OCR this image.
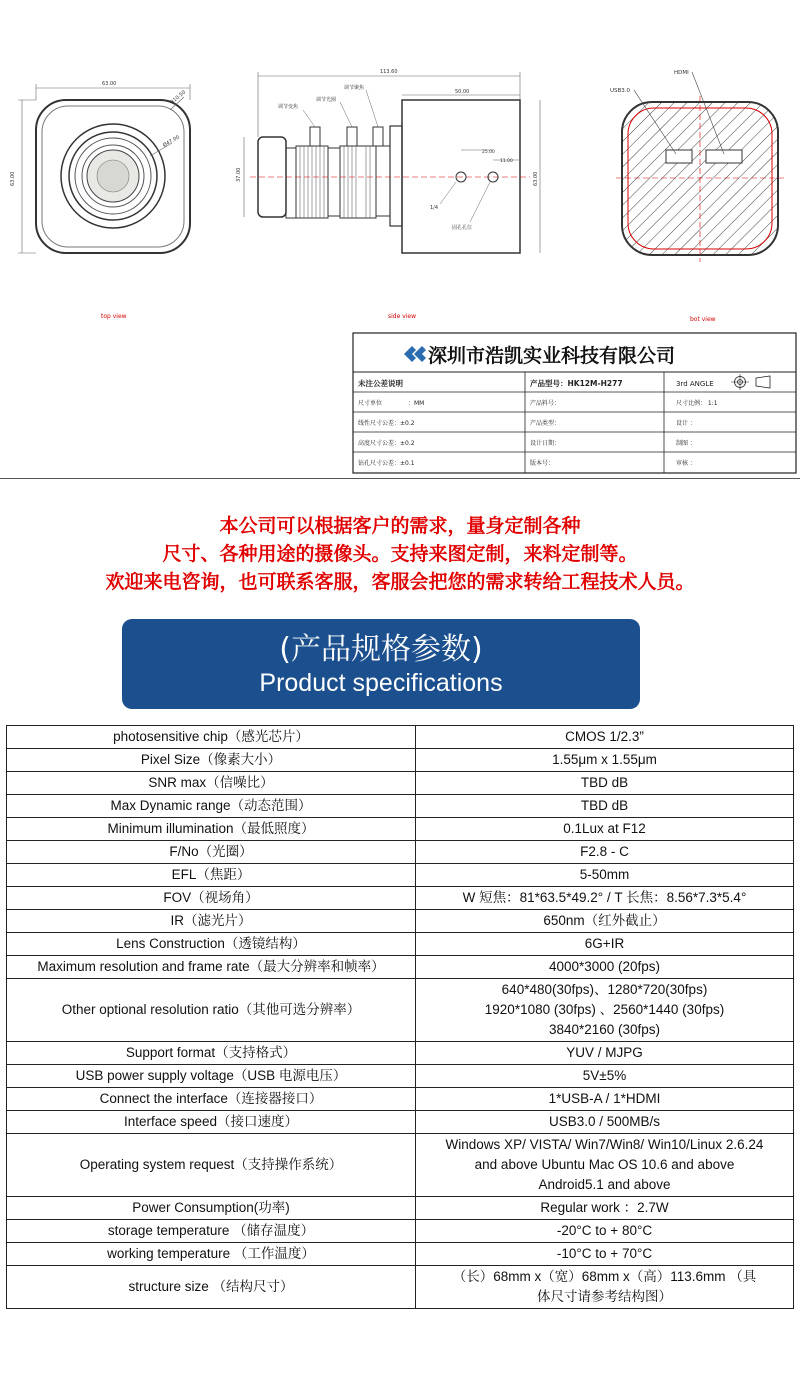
63.00
63.00
R10.50
Ø47.00
top view
113.60
50.00
37.00	63.00
25.00
11.00
1/4
固孔孔位
调节变焦
调节光圈
调节聚焦
side view
USB3.0
HDMI
bot view
深圳市浩凯实业科技有限公司
未注公差说明
尺寸单位	：MM
线性尺寸公差：±0.2
高度尺寸公差：±0.2
钻孔尺寸公差：±0.1
产品型号：HK12M-H277
产品料号：
产品类型：
设计日期：
版本号：
3rd ANGLE
尺寸比例： 1:1
设计 ：
制图 ：
审核 ：
本公司可以根据客户的需求，量身定制各种
尺寸、各种用途的摄像头。支持来图定制，来料定制等。
欢迎来电咨询，也可联系客服，客服会把您的需求转给工程技术人员。
(产品规格参数)
Product specifications
photosensitive chip（感光芯片）	CMOS 1/2.3”
Pixel Size（像素大小）	1.55μm x 1.55μm
SNR max（信噪比）	TBD dB
Max Dynamic range（动态范围）	TBD dB
Minimum illumination（最低照度）	0.1Lux at F12
F/No（光圈）	F2.8 - C
EFL（焦距）	5-50mm
FOV（视场角）	W 短焦：81*63.5*49.2° / T 长焦：8.56*7.3*5.4°
IR（滤光片）	650nm（红外截止）
Lens Construction（透镜结构）	6G+IR
Maximum resolution and frame rate（最大分辨率和帧率）	4000*3000 (20fps)
Other optional resolution ratio（其他可选分辨率）	640*480(30fps)、1280*720(30fps)
1920*1080 (30fps) 、2560*1440 (30fps)
3840*2160 (30fps)
Support format（支持格式）	YUV / MJPG
USB power supply voltage（USB 电源电压）	5V±5%
Connect the interface（连接器接口）	1*USB-A / 1*HDMI
Interface speed（接口速度）	USB3.0 / 500MB/s
Operating system request（支持操作系统）	Windows XP/ VISTA/ Win7/Win8/ Win10/Linux 2.6.24
and above Ubuntu Mac OS 10.6 and above
Android5.1 and above
Power Consumption(功率)	Regular work ：2.7W
storage temperature （储存温度）	-20°C to + 80°C
working temperature （工作温度）	-10°C to + 70°C
structure size （结构尺寸）	（长）68mm x（宽）68mm x（高）113.6mm （具
体尺寸请参考结构图）
